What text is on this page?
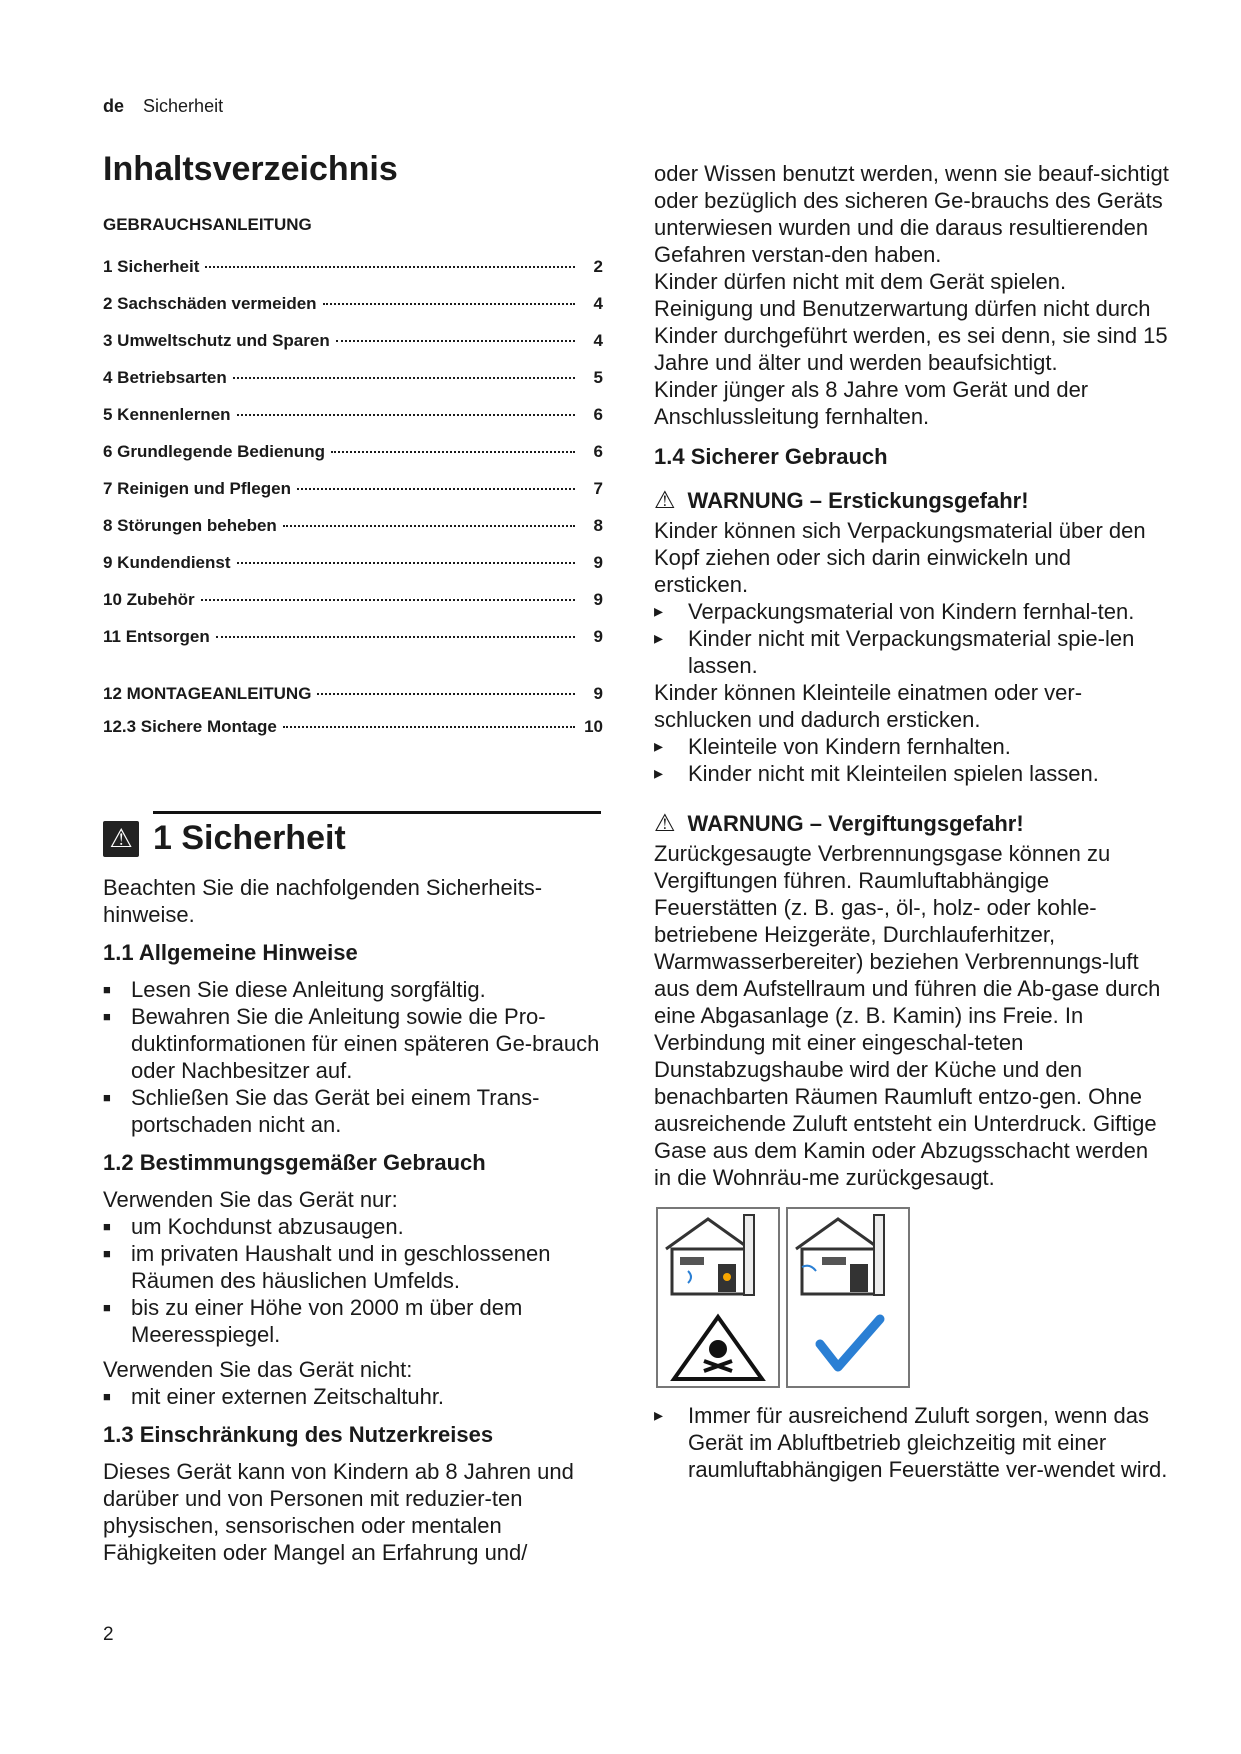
de Sicherheit
Inhaltsverzeichnis
GEBRAUCHSANLEITUNG
1 Sicherheit	2
2 Sachschäden vermeiden	4
3 Umweltschutz und Sparen	4
4 Betriebsarten	5
5 Kennenlernen	6
6 Grundlegende Bedienung	6
7 Reinigen und Pflegen	7
8 Störungen beheben	8
9 Kundendienst	9
10 Zubehör	9
11 Entsorgen	9
12 MONTAGEANLEITUNG	9
12.3 Sichere Montage	10
⚠ 1 Sicherheit

Beachten Sie die nachfolgenden Sicherheits-hinweise.

1.1 Allgemeine Hinweise
■ Lesen Sie diese Anleitung sorgfältig.
■ Bewahren Sie die Anleitung sowie die Pro-duktinformationen für einen späteren Ge-brauch oder Nachbesitzer auf.
■ Schließen Sie das Gerät bei einem Trans-portschaden nicht an.
1.2 Bestimmungsgemäßer Gebrauch

Verwenden Sie das Gerät nur:

■ um Kochdunst abzusaugen.
■ im privaten Haushalt und in geschlossenen Räumen des häuslichen Umfelds.
■ bis zu einer Höhe von 2000 m über dem Meeresspiegel.

Verwenden Sie das Gerät nicht:

■ mit einer externen Zeitschaltuhr.
1.3 Einschränkung des Nutzerkreises

Dieses Gerät kann von Kindern ab 8 Jahren und darüber und von Personen mit reduzier-ten physischen, sensorischen oder mentalen Fähigkeiten oder Mangel an Erfahrung und/

oder Wissen benutzt werden, wenn sie beauf-sichtigt oder bezüglich des sicheren Ge-brauchs des Geräts unterwiesen wurden und die daraus resultierenden Gefahren verstan-den haben.

Kinder dürfen nicht mit dem Gerät spielen.

Reinigung und Benutzerwartung dürfen nicht durch Kinder durchgeführt werden, es sei denn, sie sind 15 Jahre und älter und werden beaufsichtigt.

Kinder jünger als 8 Jahre vom Gerät und der Anschlussleitung fernhalten.

1.4 Sicherer Gebrauch
⚠ WARNUNG – Erstickungsgefahr!

Kinder können sich Verpackungsmaterial über den Kopf ziehen oder sich darin einwickeln und ersticken.

▸ Verpackungsmaterial von Kindern fernhal-ten.
▸ Kinder nicht mit Verpackungsmaterial spie-len lassen.

Kinder können Kleinteile einatmen oder ver-schlucken und dadurch ersticken.

▸ Kleinteile von Kindern fernhalten.
▸ Kinder nicht mit Kleinteilen spielen lassen.
⚠ WARNUNG – Vergiftungsgefahr!

Zurückgesaugte Verbrennungsgase können zu Vergiftungen führen. Raumluftabhängige Feuerstätten (z. B. gas-, öl-, holz- oder kohle-betriebene Heizgeräte, Durchlauferhitzer, Warmwasserbereiter) beziehen Verbrennungs-luft aus dem Aufstellraum und führen die Ab-gase durch eine Abgasanlage (z. B. Kamin) ins Freie. In Verbindung mit einer eingeschal-teten Dunstabzugshaube wird der Küche und den benachbarten Räumen Raumluft entzo-gen. Ohne ausreichende Zuluft entsteht ein Unterdruck. Giftige Gase aus dem Kamin oder Abzugsschacht werden in die Wohnräu-me zurückgesaugt.

▸ Immer für ausreichend Zuluft sorgen, wenn das Gerät im Abluftbetrieb gleichzeitig mit einer raumluftabhängigen Feuerstätte ver-wendet wird.
2
